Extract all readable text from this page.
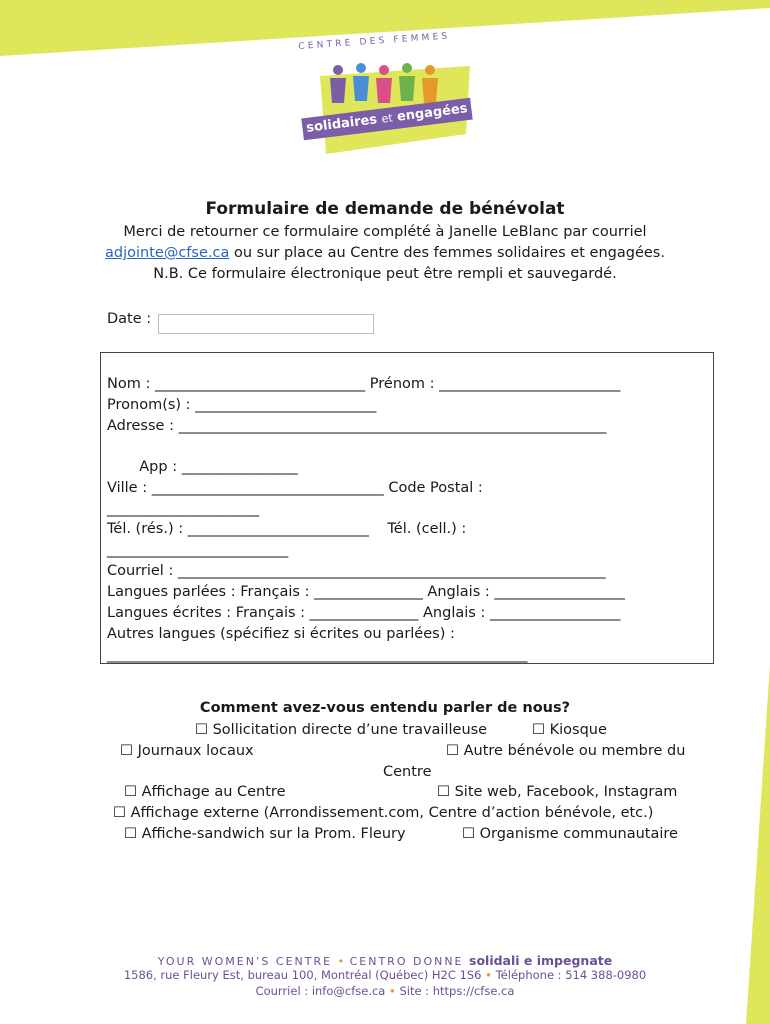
CENTRE DES FEMMES
solidaires et engagées
Formulaire de demande de bénévolat
Merci de retourner ce formulaire complété à Janelle LeBlanc par courriel
adjointe@cfse.ca ou sur place au Centre des femmes solidaires et engagées.
N.B. Ce formulaire électronique peut être rempli et sauvegardé.
Date :
Nom : _____________________________ Prénom : _________________________
Pronom(s) : _________________________
Adresse : ___________________________________________________________
App : ________________
Ville : ________________________________ Code Postal :
_____________________
Tél. (rés.) : _________________________    Tél. (cell.) :
_________________________
Courriel : ___________________________________________________________
Langues parlées : Français : _______________ Anglais : __________________
Langues écrites : Français : _______________ Anglais : __________________
Autres langues (spécifiez si écrites ou parlées) :
__________________________________________________________
Comment avez-vous entendu parler de nous?
☐ Sollicitation directe d’une travailleuse	☐ Kiosque
☐ Journaux locaux	☐ Autre bénévole ou membre du
Centre
☐ Affichage au Centre	☐ Site web, Facebook, Instagram
☐ Affichage externe (Arrondissement.com, Centre d’action bénévole, etc.)
☐ Affiche-sandwich sur la Prom. Fleury	☐ Organisme communautaire
YOUR WOMEN’S CENTRE • CENTRO DONNE solidali e impegnate
1586, rue Fleury Est, bureau 100, Montréal (Québec) H2C 1S6 • Téléphone : 514 388-0980
Courriel : info@cfse.ca • Site : https://cfse.ca
